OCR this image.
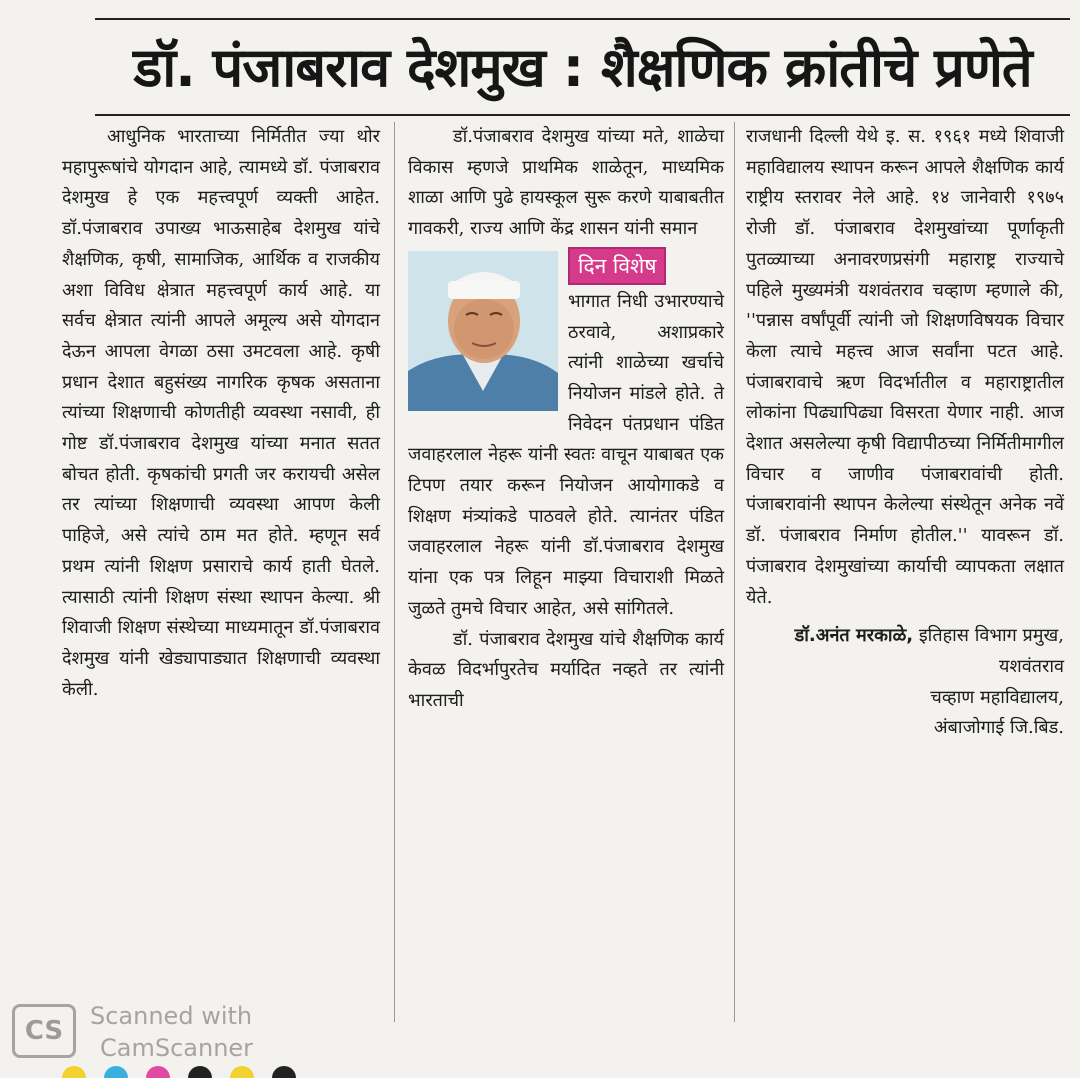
डॉ. पंजाबराव देशमुख : शैक्षणिक क्रांतीचे प्रणेते

आधुनिक भारताच्या निर्मितीत ज्या थोर महापुरूषांचे योगदान आहे, त्यामध्ये डॉ. पंजाबराव देशमुख हे एक महत्त्वपूर्ण व्यक्ती आहेत. डॉ.पंजाबराव उपाख्य भाऊसाहेब देशमुख यांचे शैक्षणिक, कृषी, सामाजिक, आर्थिक व राजकीय अशा विविध क्षेत्रात महत्त्वपूर्ण कार्य आहे. या सर्वच क्षेत्रात त्यांनी आपले अमूल्य असे योगदान देऊन आपला वेगळा ठसा उमटवला आहे. कृषी प्रधान देशात बहुसंख्य नागरिक कृषक असताना त्यांच्या शिक्षणाची कोणतीही व्यवस्था नसावी, ही गोष्ट डॉ.पंजाबराव देशमुख यांच्या मनात सतत बोचत होती. कृषकांची प्रगती जर करायची असेल तर त्यांच्या शिक्षणाची व्यवस्था आपण केली पाहिजे, असे त्यांचे ठाम मत होते. म्हणून सर्व प्रथम त्यांनी शिक्षण प्रसाराचे कार्य हाती घेतले. त्यासाठी त्यांनी शिक्षण संस्था स्थापन केल्या. श्री शिवाजी शिक्षण संस्थेच्या माध्यमातून डॉ.पंजाबराव देशमुख यांनी खेड्यापाड्यात शिक्षणाची व्यवस्था केली.

डॉ.पंजाबराव देशमुख यांच्या मते, शाळेचा विकास म्हणजे प्राथमिक शाळेतून, माध्यमिक शाळा आणि पुढे हायस्कूल सुरू करणे याबाबतीत गावकरी, राज्य आणि केंद्र शासन यांनी समान

दिन विशेष

भागात निधी उभारण्याचे ठरवावे, अशाप्रकारे त्यांनी शाळेच्या खर्चाचे नियोजन मांडले होते. ते निवेदन पंतप्रधान पंडित जवाहरलाल नेहरू यांनी स्वतः वाचून याबाबत एक टिपण तयार करून नियोजन आयोगाकडे व शिक्षण मंत्र्यांकडे पाठवले होते. त्यानंतर पंडित जवाहरलाल नेहरू यांनी डॉ.पंजाबराव देशमुख यांना एक पत्र लिहून माझ्या विचाराशी मिळते जुळते तुमचे विचार आहेत, असे सांगितले.

डॉ. पंजाबराव देशमुख यांचे शैक्षणिक कार्य केवळ विदर्भापुरतेच मर्यादित नव्हते तर त्यांनी भारताची

राजधानी दिल्ली येथे इ. स. १९६१ मध्ये शिवाजी महाविद्यालय स्थापन करून आपले शैक्षणिक कार्य राष्ट्रीय स्तरावर नेले आहे. १४ जानेवारी १९७५ रोजी डॉ. पंजाबराव देशमुखांच्या पूर्णाकृती पुतळ्याच्या अनावरणप्रसंगी महाराष्ट्र राज्याचे पहिले मुख्यमंत्री यशवंतराव चव्हाण म्हणाले की, ''पन्नास वर्षांपूर्वी त्यांनी जो शिक्षणविषयक विचार केला त्याचे महत्त्व आज सर्वांना पटत आहे. पंजाबरावाचे ऋण विदर्भातील व महाराष्ट्रातील लोकांना पिढ्यापिढ्या विसरता येणार नाही. आज देशात असलेल्या कृषी विद्यापीठच्या निर्मितीमागील विचार व जाणीव पंजाबरावांची होती. पंजाबरावांनी स्थापन केलेल्या संस्थेतून अनेक नवें डॉ. पंजाबराव निर्माण होतील.'' यावरून डॉ. पंजाबराव देशमुखांच्या कार्याची व्यापकता लक्षात येते.

डॉ.अनंत मरकाळे, इतिहास विभाग प्रमुख, यशवंतराव
चव्हाण महाविद्यालय,
अंबाजोगाई जि.बिड.
CS	Scanned with
CamScanner
